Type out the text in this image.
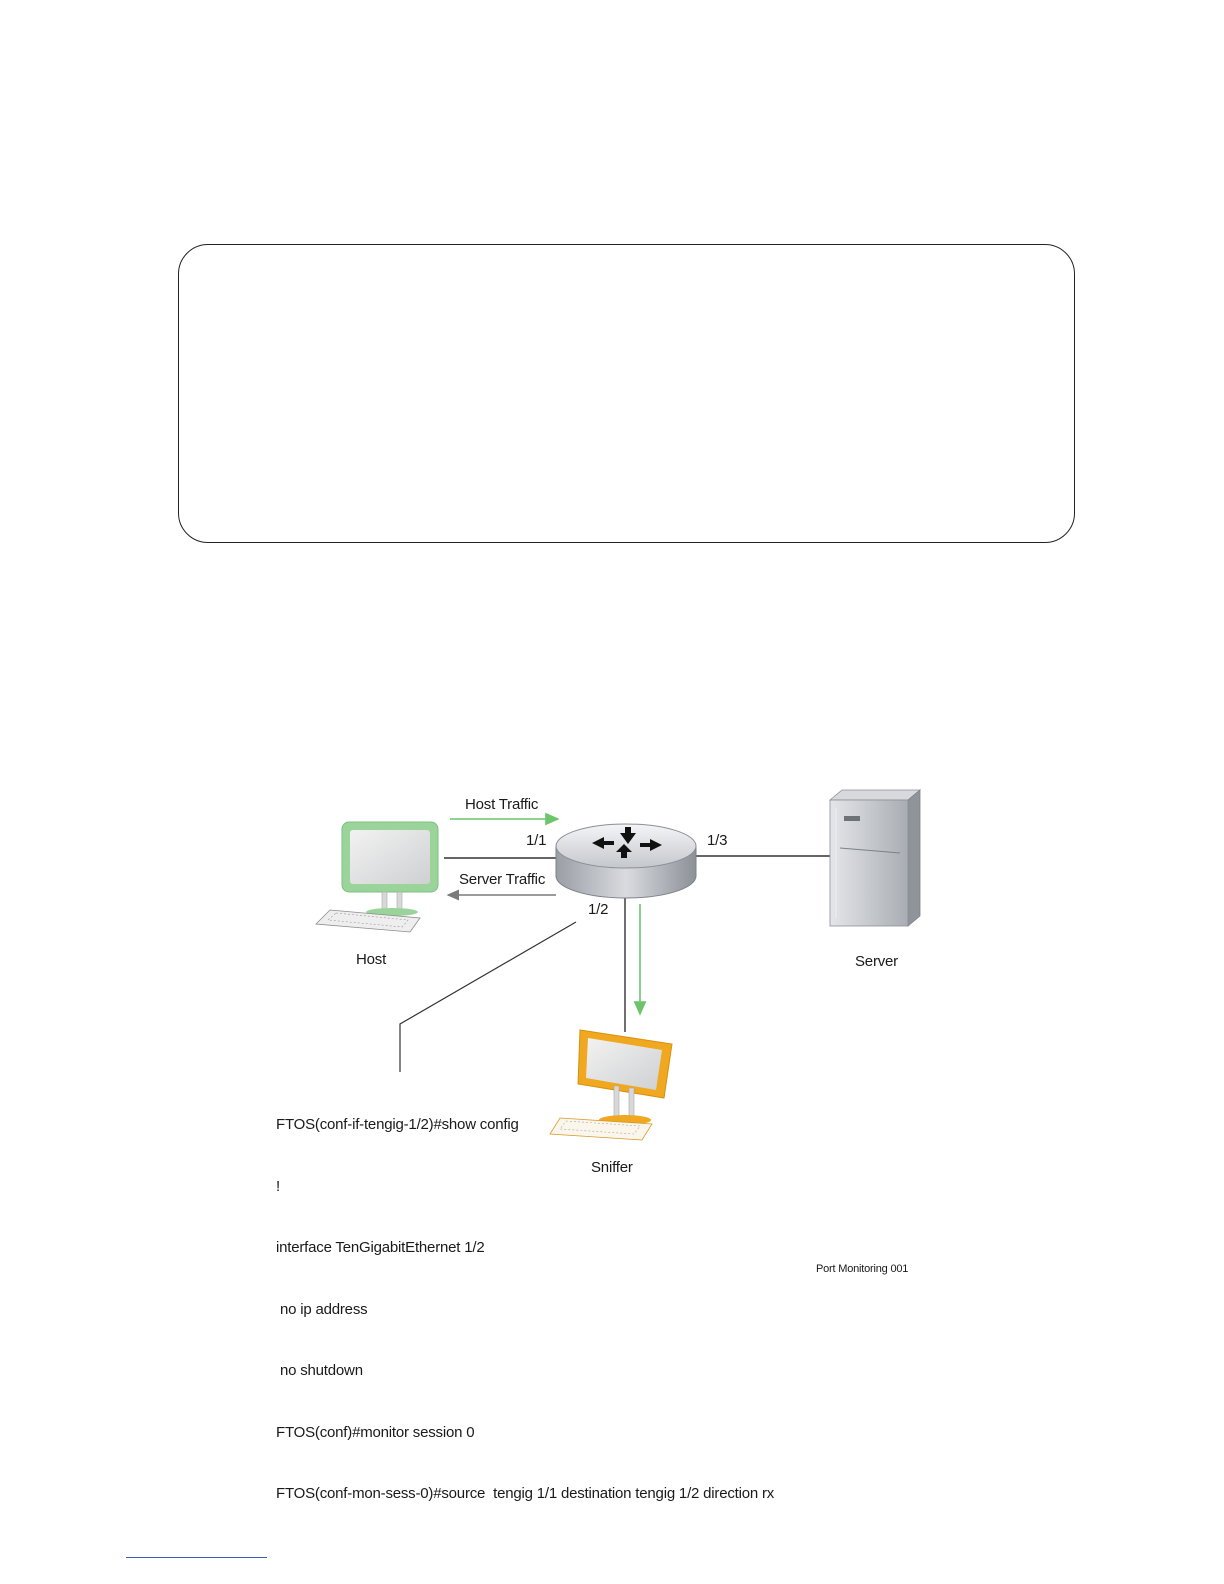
Host Traffic
Server Traffic
1/1
1/2
1/3
Host	Server
Sniffer

FTOS(conf-if-tengig-1/2)#show config

!

interface TenGigabitEthernet 1/2

no ip address

no shutdown

FTOS(conf)#monitor session 0

FTOS(conf-mon-sess-0)#source  tengig 1/1 destination tengig 1/2 direction rx

Port Monitoring 001
